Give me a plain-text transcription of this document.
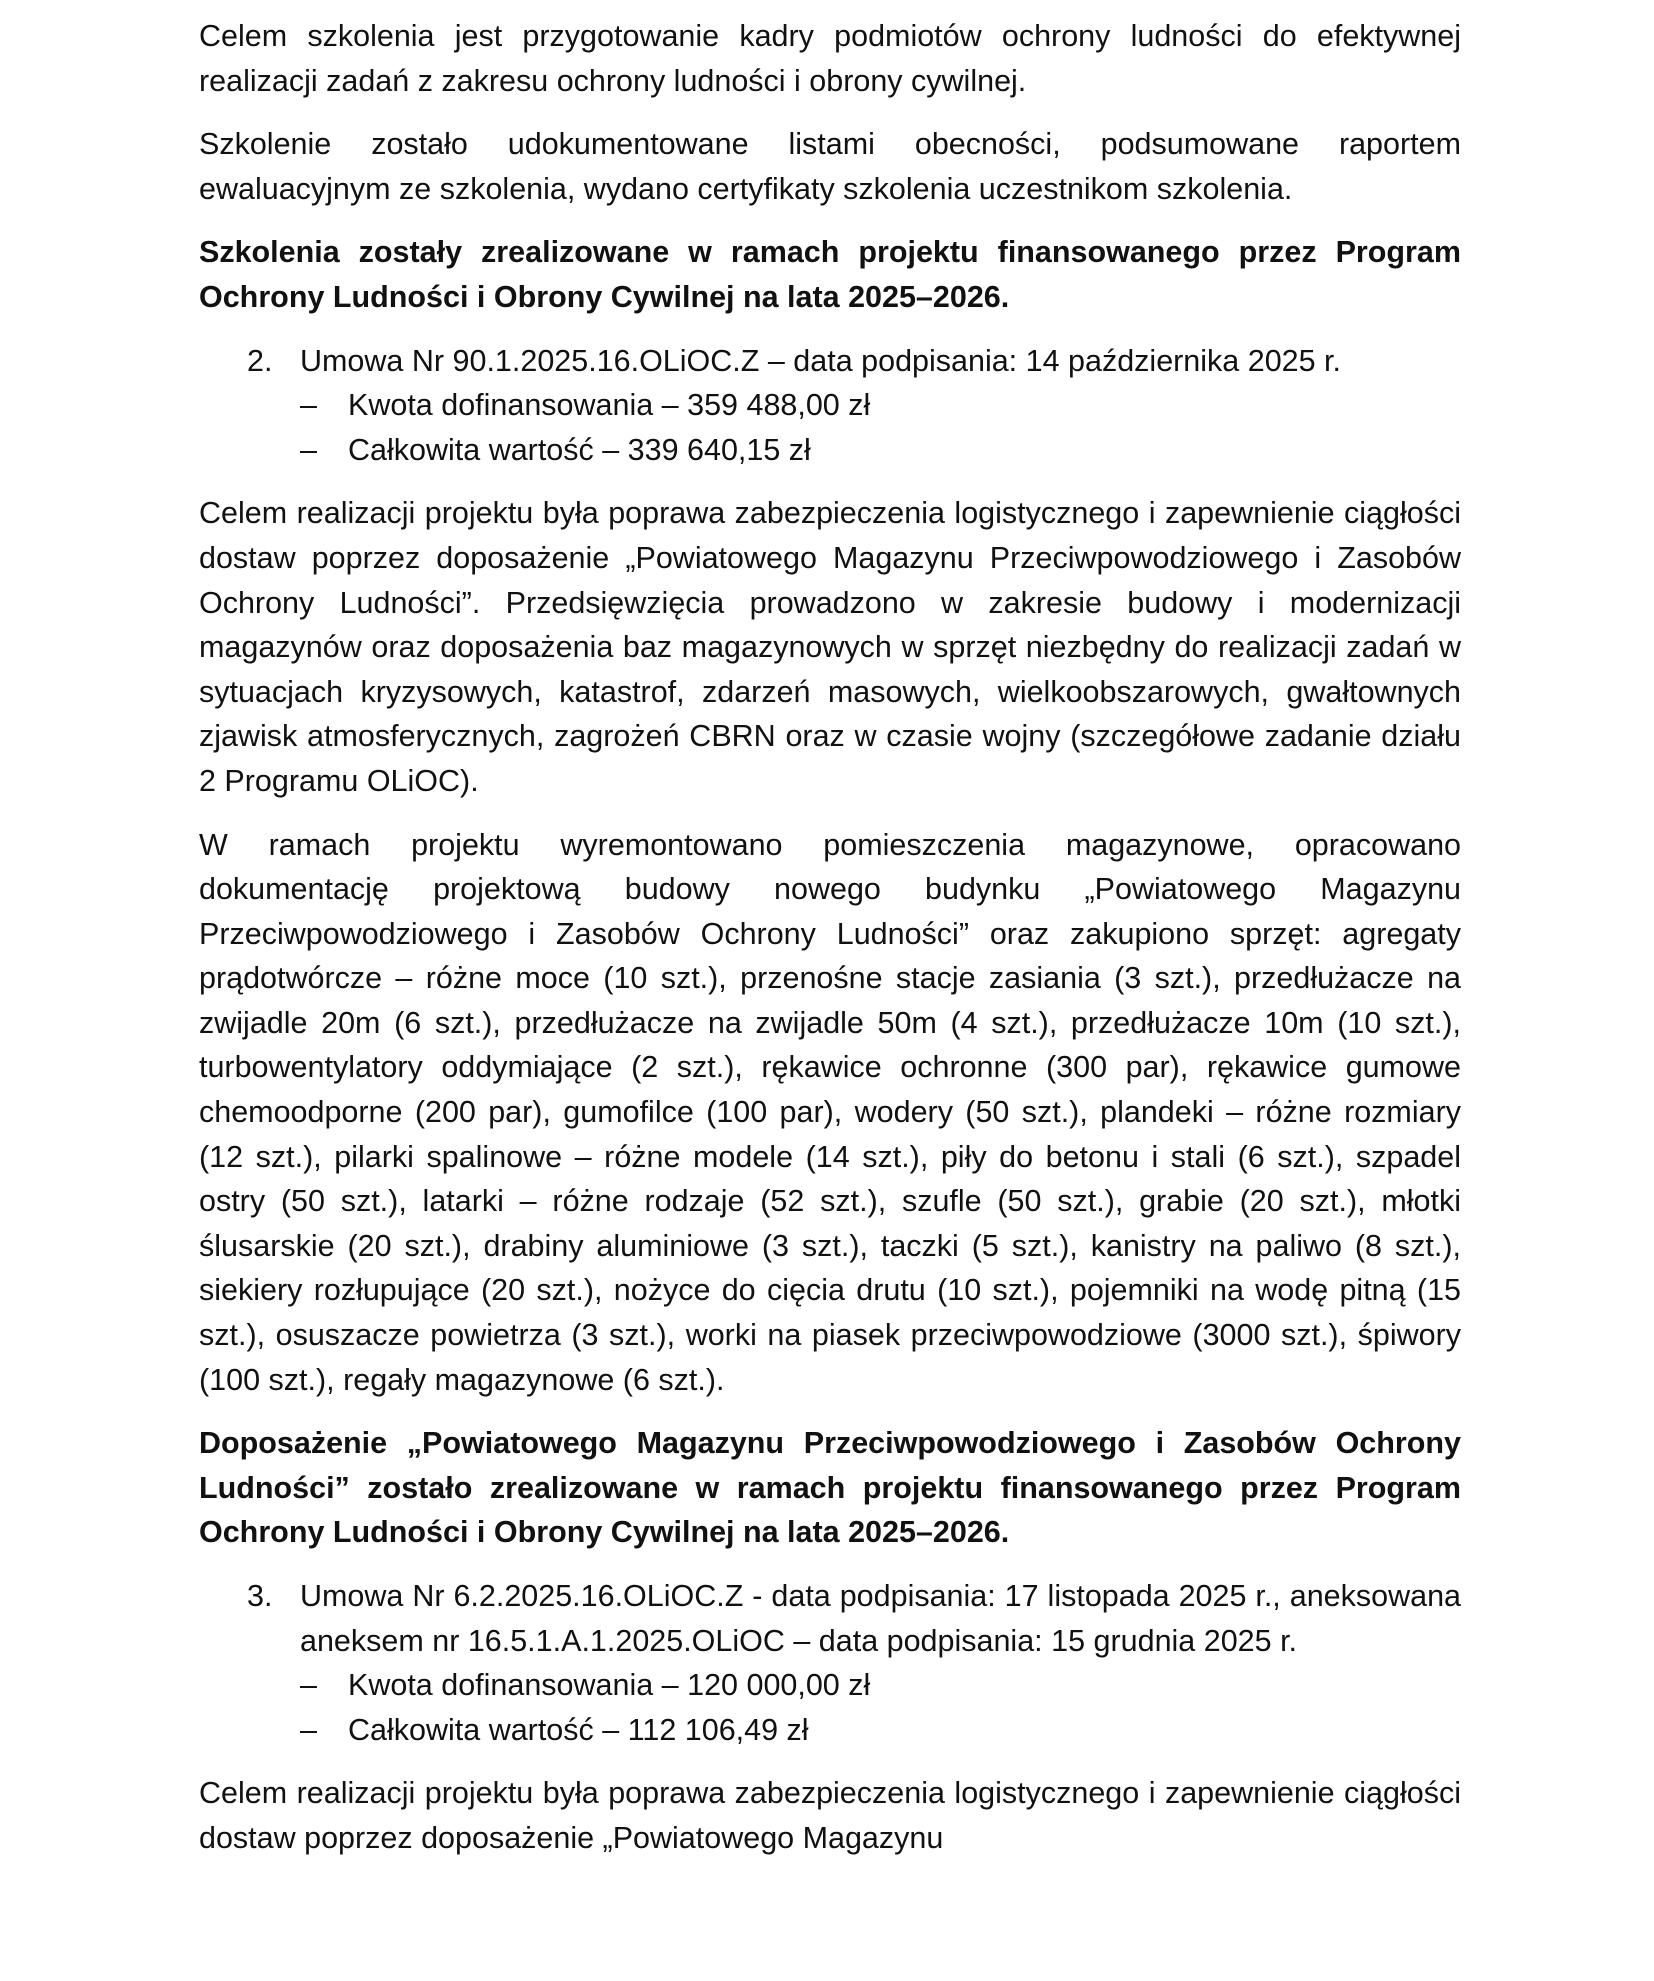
Celem szkolenia jest przygotowanie kadry podmiotów ochrony ludności do efektywnej realizacji zadań z zakresu ochrony ludności i obrony cywilnej.

Szkolenie zostało udokumentowane listami obecności, podsumowane raportem ewaluacyjnym ze szkolenia, wydano certyfikaty szkolenia uczestnikom szkolenia.

Szkolenia zostały zrealizowane w ramach projektu finansowanego przez Program Ochrony Ludności i Obrony Cywilnej na lata 2025–2026.

2. Umowa Nr 90.1.2025.16.OLiOC.Z – data podpisania: 14 października 2025 r.
– Kwota dofinansowania – 359 488,00 zł
– Całkowita wartość – 339 640,15 zł

Celem realizacji projektu była poprawa zabezpieczenia logistycznego i zapewnienie ciągłości dostaw poprzez doposażenie „Powiatowego Magazynu Przeciwpowodziowego i Zasobów Ochrony Ludności”. Przedsięwzięcia prowadzono w zakresie budowy i modernizacji magazynów oraz doposażenia baz magazynowych w sprzęt niezbędny do realizacji zadań w sytuacjach kryzysowych, katastrof, zdarzeń masowych, wielkoobszarowych, gwałtownych zjawisk atmosferycznych, zagrożeń CBRN oraz w czasie wojny (szczegółowe zadanie działu 2 Programu OLiOC).

W ramach projektu wyremontowano pomieszczenia magazynowe, opracowano dokumentację projektową budowy nowego budynku „Powiatowego Magazynu Przeciwpowodziowego i Zasobów Ochrony Ludności” oraz zakupiono sprzęt: agregaty prądotwórcze – różne moce (10 szt.), przenośne stacje zasiania (3 szt.), przedłużacze na zwijadle 20m (6 szt.), przedłużacze na zwijadle 50m (4 szt.), przedłużacze 10m (10 szt.), turbowentylatory oddymiające (2 szt.), rękawice ochronne (300 par), rękawice gumowe chemoodporne (200 par), gumofilce (100 par), wodery (50 szt.), plandeki – różne rozmiary (12 szt.), pilarki spalinowe – różne modele (14 szt.), piły do betonu i stali (6 szt.), szpadel ostry (50 szt.), latarki – różne rodzaje (52 szt.), szufle (50 szt.), grabie (20 szt.), młotki ślusarskie (20 szt.), drabiny aluminiowe (3 szt.), taczki (5 szt.), kanistry na paliwo (8 szt.), siekiery rozłupujące (20 szt.), nożyce do cięcia drutu (10 szt.), pojemniki na wodę pitną (15 szt.), osuszacze powietrza (3 szt.), worki na piasek przeciwpowodziowe (3000 szt.), śpiwory (100 szt.), regały magazynowe (6 szt.).

Doposażenie „Powiatowego Magazynu Przeciwpowodziowego i Zasobów Ochrony Ludności” zostało zrealizowane w ramach projektu finansowanego przez Program Ochrony Ludności i Obrony Cywilnej na lata 2025–2026.

3. Umowa Nr 6.2.2025.16.OLiOC.Z - data podpisania: 17 listopada 2025 r., aneksowana aneksem nr 16.5.1.A.1.2025.OLiOC – data podpisania: 15 grudnia 2025 r.
– Kwota dofinansowania – 120 000,00 zł
– Całkowita wartość – 112 106,49 zł

Celem realizacji projektu była poprawa zabezpieczenia logistycznego i zapewnienie ciągłości dostaw poprzez doposażenie „Powiatowego Magazynu
